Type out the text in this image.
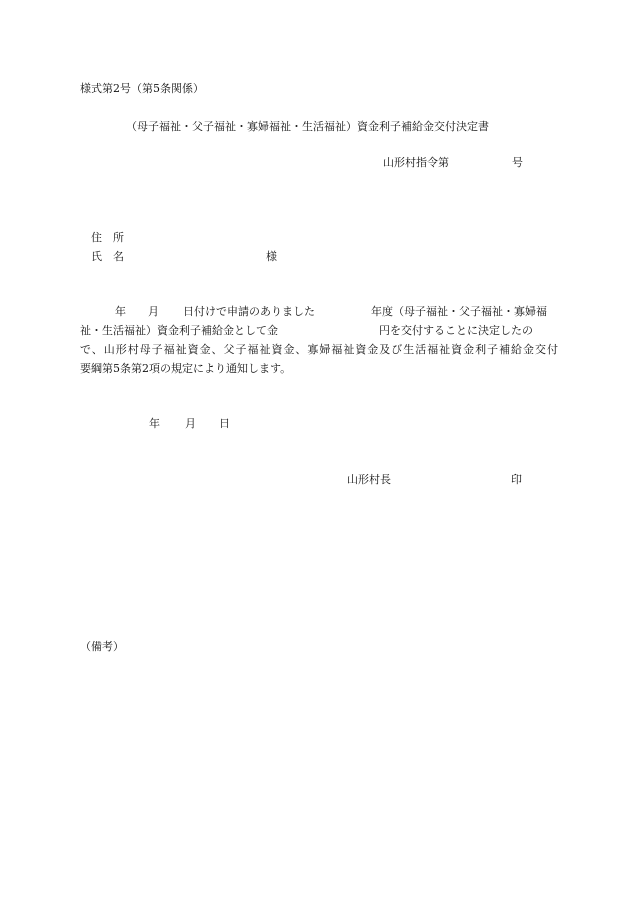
様式第2号（第5条関係）
（母子福祉・父子福祉・寡婦福祉・生活福祉）資金利子補給金交付決定書
山形村指令第	号
住　所
氏　名	様
年 月 日付けで申請のありました	年度（母子福祉・父子福祉・寡婦福
祉・生活福祉）資金利子補給金として金	円を交付することに決定したの
で、山形村母子福祉資金、父子福祉資金、寡婦福祉資金及び生活福祉資金利子補給金交付
要綱第5条第2項の規定により通知します。
年 月 日
山形村長	印
（備考）
